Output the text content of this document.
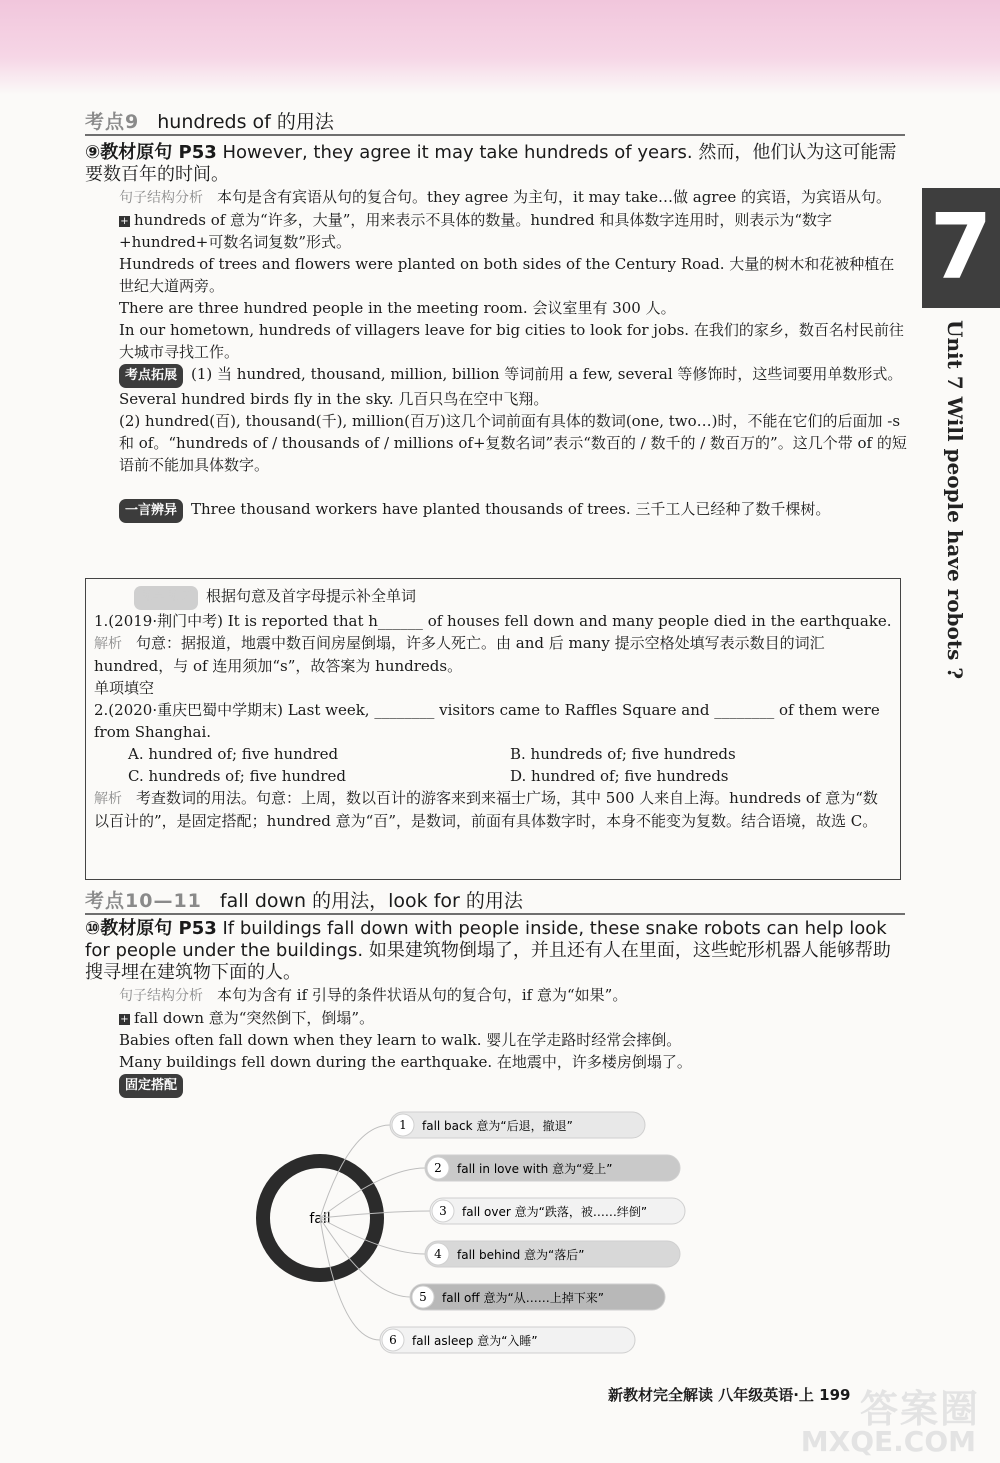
考点9 hundreds of 的用法
⑨教材原句 P53 However, they agree it may take hundreds of years. 然而，他们认为这可能需要数百年的时间。

句子结构分析 本句是含有宾语从句的复合句。they agree 为主句，it may take…做 agree 的宾语，为宾语从句。

+ hundreds of 意为“许多，大量”，用来表示不具体的数量。hundred 和具体数字连用时，则表示为“数字+hundred+可数名词复数”形式。

Hundreds of trees and flowers were planted on both sides of the Century Road. 大量的树木和花被种植在世纪大道两旁。

There are three hundred people in the meeting room. 会议室里有 300 人。

In our hometown, hundreds of villagers leave for big cities to look for jobs. 在我们的家乡，数百名村民前往大城市寻找工作。

考点拓展 (1) 当 hundred, thousand, million, billion 等词前用 a few, several 等修饰时，这些词要用单数形式。

Several hundred birds fly in the sky. 几百只鸟在空中飞翔。

(2) hundred(百), thousand(千), million(百万)这几个词前面有具体的数词(one, two…)时，不能在它们的后面加 -s 和 of。“hundreds of / thousands of / millions of+复数名词”表示“数百的 / 数千的 / 数百万的”。这几个带 of 的短语前不能加具体数字。

一言辨异 Three thousand workers have planted thousands of trees. 三千工人已经种了数千棵树。

即学即练 根据句意及首字母提示补全单词

1.(2019·荆门中考) It is reported that h______ of houses fell down and many people died in the earthquake.

解析 句意：据报道，地震中数百间房屋倒塌，许多人死亡。由 and 后 many 提示空格处填写表示数目的词汇 hundred，与 of 连用须加“s”，故答案为 hundreds。

单项填空

2.(2020·重庆巴蜀中学期末) Last week, ________ visitors came to Raffles Square and ________ of them were from Shanghai.

A. hundred of; five hundred	B. hundreds of; five hundreds
C. hundreds of; five hundred	D. hundred of; five hundreds

解析 考查数词的用法。句意：上周，数以百计的游客来到来福士广场，其中 500 人来自上海。hundreds of 意为“数以百计的”，是固定搭配；hundred 意为“百”，是数词，前面有具体数字时，本身不能变为复数。结合语境，故选 C。

考点10—11 fall down 的用法，look for 的用法
⑩教材原句 P53 If buildings fall down with people inside, these snake robots can help look for people under the buildings. 如果建筑物倒塌了，并且还有人在里面，这些蛇形机器人能够帮助搜寻埋在建筑物下面的人。

句子结构分析 本句为含有 if 引导的条件状语从句的复合句，if 意为“如果”。

+ fall down 意为“突然倒下，倒塌”。

Babies often fall down when they learn to walk. 婴儿在学走路时经常会摔倒。

Many buildings fell down during the earthquake. 在地震中，许多楼房倒塌了。

固定搭配

fall
1 fall back 意为“后退，撤退”
2 fall in love with 意为“爱上”
3 fall over 意为“跌落，被……绊倒”
4 fall behind 意为“落后”
5 fall off 意为“从……上掉下来”
6 fall asleep 意为“入睡”
7
Unit 7 Will people have robots ?
新教材完全解读 八年级英语·上 199 答案圈
MXQE.COM
